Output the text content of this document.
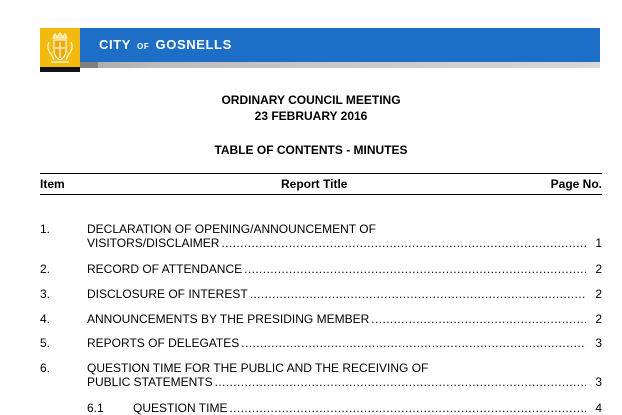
CITY OF GOSNELLS
ORDINARY COUNCIL MEETING
23 FEBRUARY 2016
TABLE OF CONTENTS - MINUTES
Item	Report Title	Page No.
1.	DECLARATION OF OPENING/ANNOUNCEMENT OF
VISITORS/DISCLAIMER .....	1
2.	RECORD OF ATTENDANCE .....	2
3.	DISCLOSURE OF INTEREST .....	2
4.	ANNOUNCEMENTS BY THE PRESIDING MEMBER .....	2
5.	REPORTS OF DELEGATES .....	3
6.	QUESTION TIME FOR THE PUBLIC AND THE RECEIVING OF
PUBLIC STATEMENTS .....	3
6.1	QUESTION TIME .....	4
